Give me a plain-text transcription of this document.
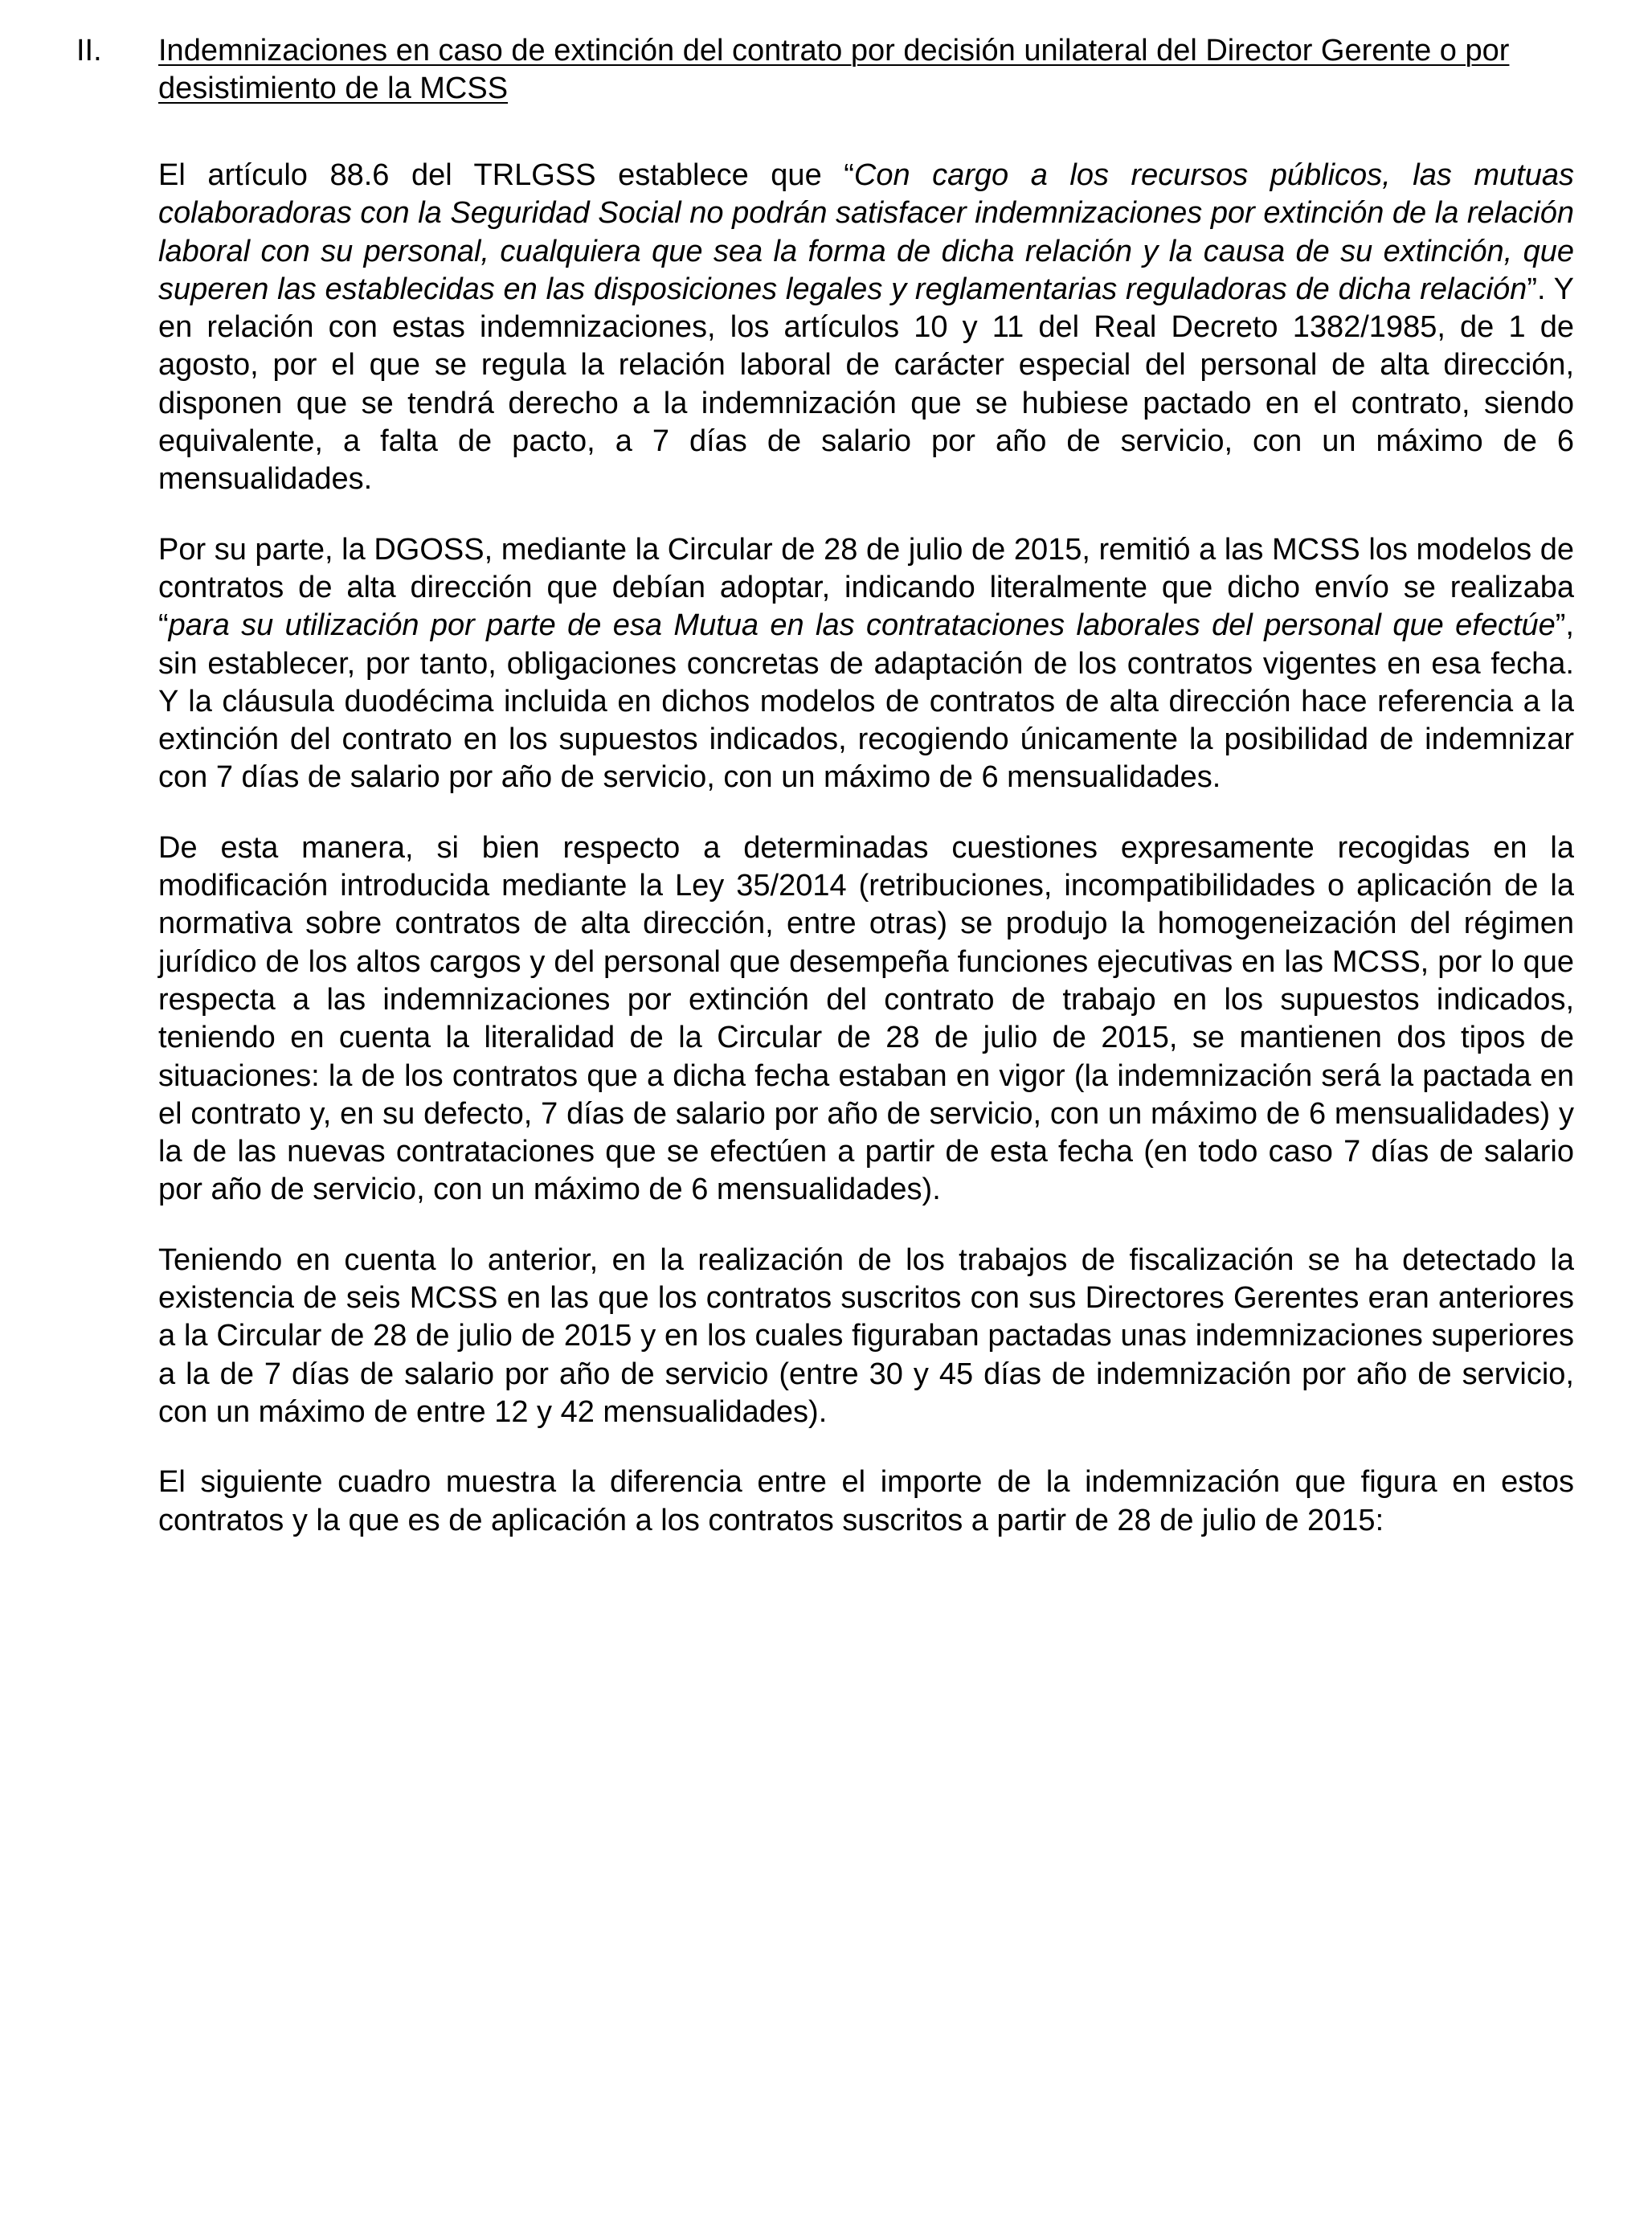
II. Indemnizaciones en caso de extinción del contrato por decisión unilateral del Director Gerente o por desistimiento de la MCSS

El artículo 88.6 del TRLGSS establece que “Con cargo a los recursos públicos, las mutuas colaboradoras con la Seguridad Social no podrán satisfacer indemnizaciones por extinción de la relación laboral con su personal, cualquiera que sea la forma de dicha relación y la causa de su extinción, que superen las establecidas en las disposiciones legales y reglamentarias reguladoras de dicha relación”. Y en relación con estas indemnizaciones, los artículos 10 y 11 del Real Decreto 1382/1985, de 1 de agosto, por el que se regula la relación laboral de carácter especial del personal de alta dirección, disponen que se tendrá derecho a la indemnización que se hubiese pactado en el contrato, siendo equivalente, a falta de pacto, a 7 días de salario por año de servicio, con un máximo de 6 mensualidades.

Por su parte, la DGOSS, mediante la Circular de 28 de julio de 2015, remitió a las MCSS los modelos de contratos de alta dirección que debían adoptar, indicando literalmente que dicho envío se realizaba “para su utilización por parte de esa Mutua en las contrataciones laborales del personal que efectúe”, sin establecer, por tanto, obligaciones concretas de adaptación de los contratos vigentes en esa fecha. Y la cláusula duodécima incluida en dichos modelos de contratos de alta dirección hace referencia a la extinción del contrato en los supuestos indicados, recogiendo únicamente la posibilidad de indemnizar con 7 días de salario por año de servicio, con un máximo de 6 mensualidades.

De esta manera, si bien respecto a determinadas cuestiones expresamente recogidas en la modificación introducida mediante la Ley 35/2014 (retribuciones, incompatibilidades o aplicación de la normativa sobre contratos de alta dirección, entre otras) se produjo la homogeneización del régimen jurídico de los altos cargos y del personal que desempeña funciones ejecutivas en las MCSS, por lo que respecta a las indemnizaciones por extinción del contrato de trabajo en los supuestos indicados, teniendo en cuenta la literalidad de la Circular de 28 de julio de 2015, se mantienen dos tipos de situaciones: la de los contratos que a dicha fecha estaban en vigor (la indemnización será la pactada en el contrato y, en su defecto, 7 días de salario por año de servicio, con un máximo de 6 mensualidades) y la de las nuevas contrataciones que se efectúen a partir de esta fecha (en todo caso 7 días de salario por año de servicio, con un máximo de 6 mensualidades).

Teniendo en cuenta lo anterior, en la realización de los trabajos de fiscalización se ha detectado la existencia de seis MCSS en las que los contratos suscritos con sus Directores Gerentes eran anteriores a la Circular de 28 de julio de 2015 y en los cuales figuraban pactadas unas indemnizaciones superiores a la de 7 días de salario por año de servicio (entre 30 y 45 días de indemnización por año de servicio, con un máximo de entre 12 y 42 mensualidades).

El siguiente cuadro muestra la diferencia entre el importe de la indemnización que figura en estos contratos y la que es de aplicación a los contratos suscritos a partir de 28 de julio de 2015:
